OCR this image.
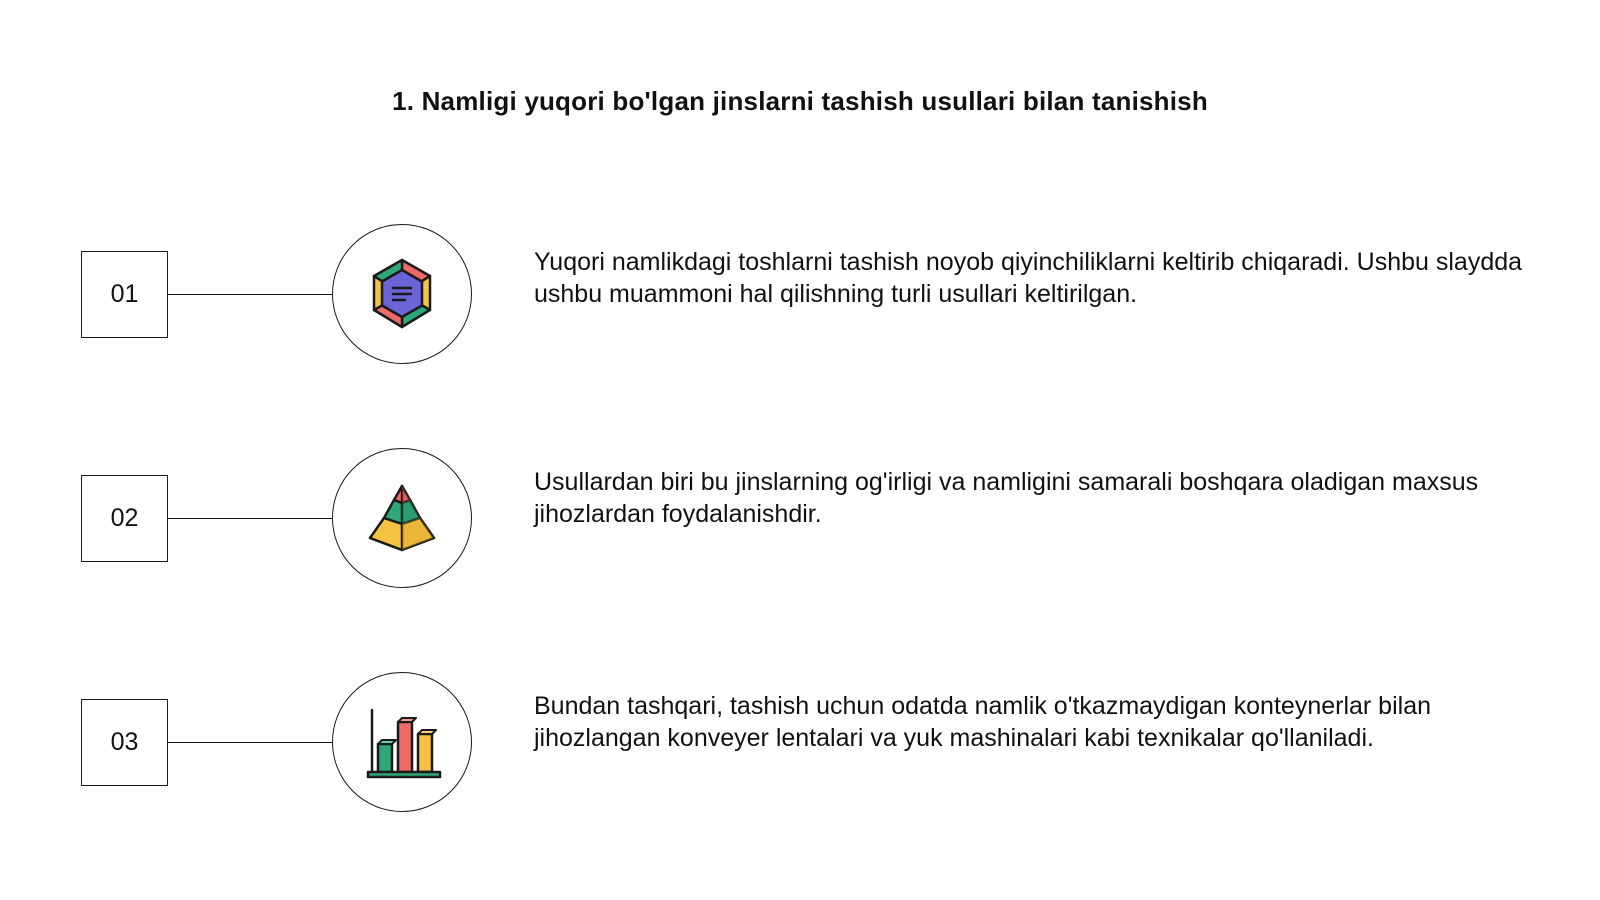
1. Namligi yuqori bo'lgan jinslarni tashish usullari bilan tanishish
01

Yuqori namlikdagi toshlarni tashish noyob qiyinchiliklarni keltirib chiqaradi. Ushbu slaydda ushbu muammoni hal qilishning turli usullari keltirilgan.

02

Usullardan biri bu jinslarning og'irligi va namligini samarali boshqara oladigan maxsus jihozlardan foydalanishdir.

03

Bundan tashqari, tashish uchun odatda namlik o'tkazmaydigan konteynerlar bilan jihozlangan konveyer lentalari va yuk mashinalari kabi texnikalar qo'llaniladi.
